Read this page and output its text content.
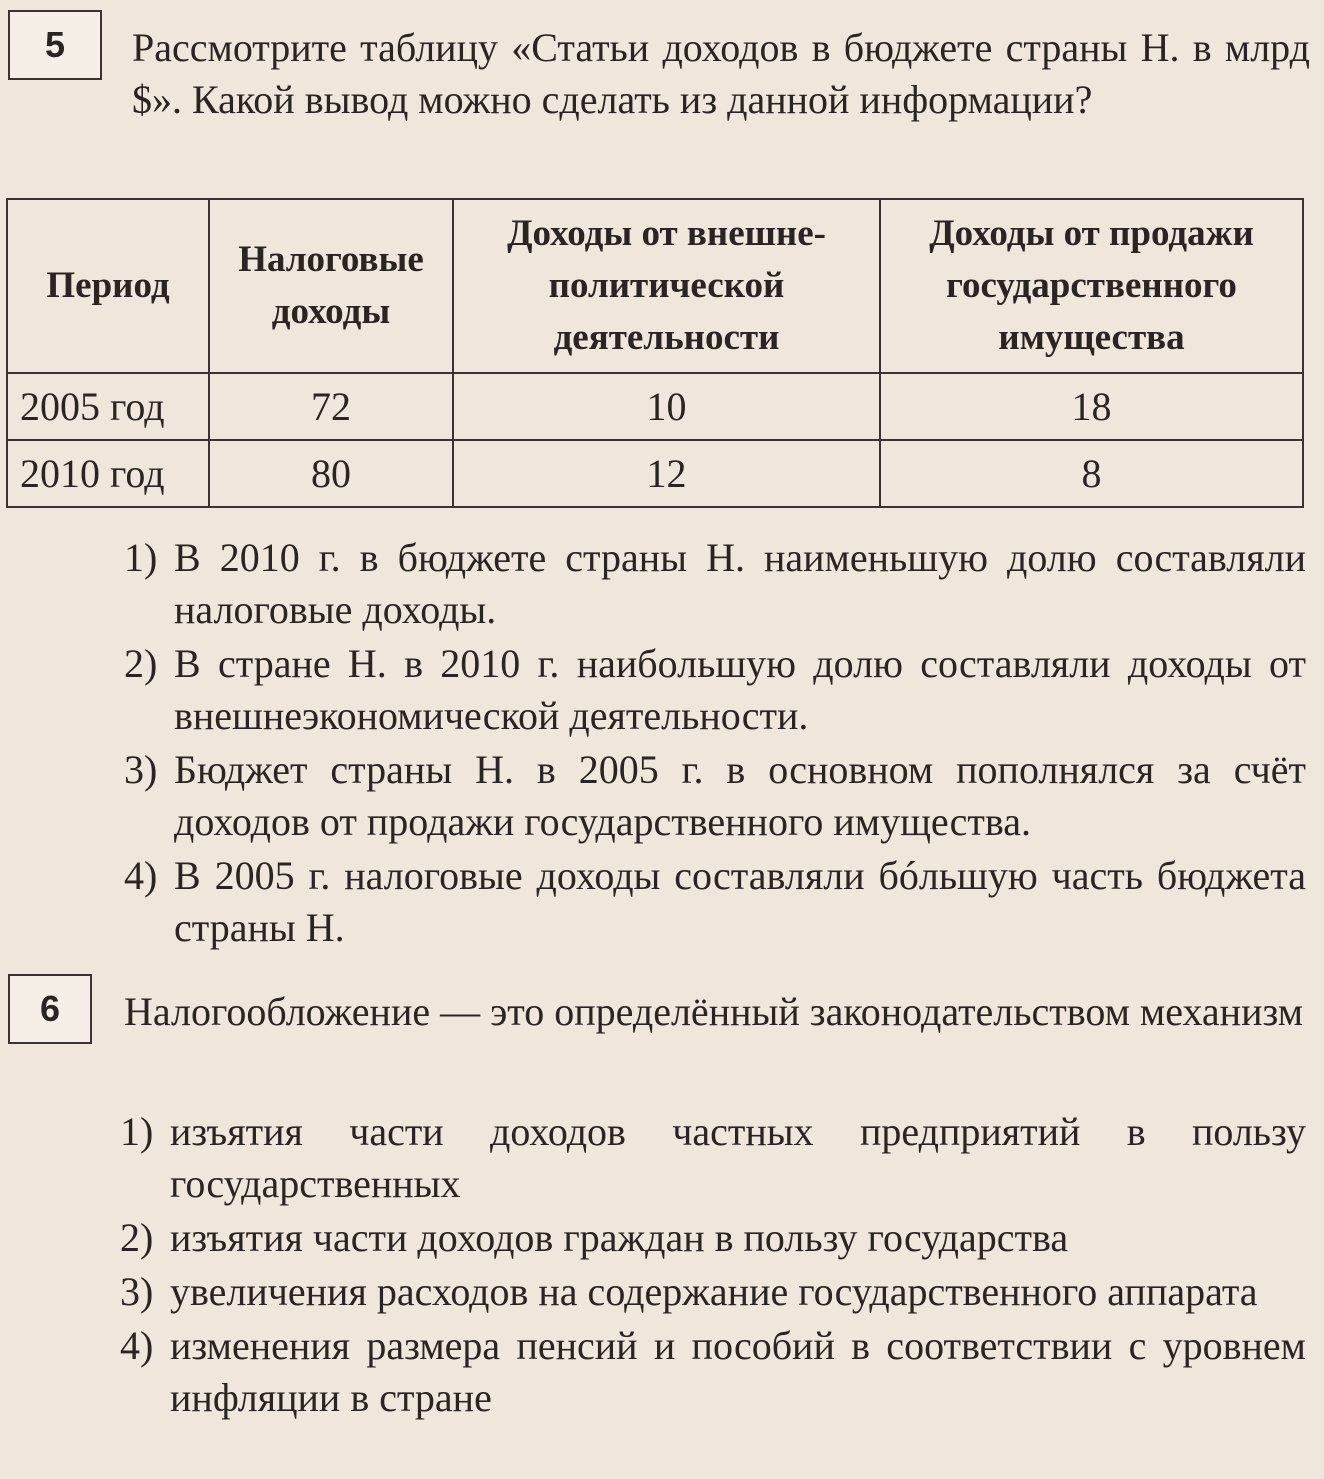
5	Рассмотрите таблицу «Статьи доходов в бюджете страны Н. в млрд $». Какой вывод можно сделать из данной информации?

Период	Налоговые доходы	Доходы от внешне-политической деятельности	Доходы от продажи государственного имущества
2005 год	72	10	18
2010 год	80	12	8
1) В 2010 г. в бюджете страны Н. наименьшую долю составляли налоговые доходы.
2) В стране Н. в 2010 г. наибольшую долю составляли доходы от внешнеэкономической деятельности.
3) Бюджет страны Н. в 2005 г. в основном пополнялся за счёт доходов от продажи государственного имущества.
4) В 2005 г. налоговые доходы составляли бóльшую часть бюджета страны Н.
6	Налогообложение — это определённый законодательством механизм

1) изъятия части доходов частных предприятий в пользу государственных
2) изъятия части доходов граждан в пользу государства
3) увеличения расходов на содержание государственного аппарата
4) изменения размера пенсий и пособий в соответствии с уровнем инфляции в стране
